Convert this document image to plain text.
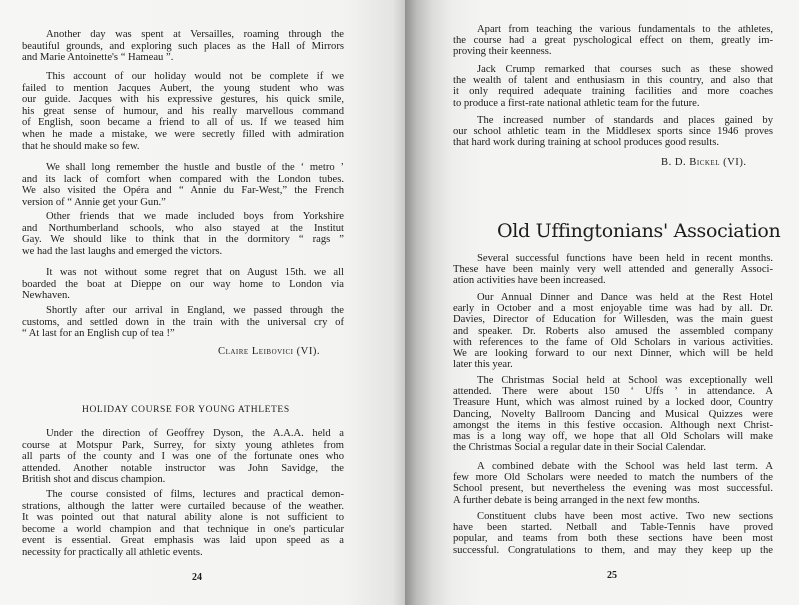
Another day was spent at Versailles, roaming through the
beautiful grounds, and exploring such places as the Hall of Mirrors
and Marie Antoinette's “ Hameau ”.
This account of our holiday would not be complete if we
failed to mention Jacques Aubert, the young student who was
our guide. Jacques with his expressive gestures, his quick smile,
his great sense of humour, and his really marvellous command
of English, soon became a friend to all of us. If we teased him
when he made a mistake, we were secretly filled with admiration
that he should make so few.
We shall long remember the hustle and bustle of the ‘ metro ’
and its lack of comfort when compared with the London tubes.
We also visited the Opéra and “ Annie du Far-West,” the French
version of “ Annie get your Gun.”
Other friends that we made included boys from Yorkshire
and Northumberland schools, who also stayed at the Institut
Gay. We should like to think that in the dormitory “ rags ”
we had the last laughs and emerged the victors.
It was not without some regret that on August 15th. we all
boarded the boat at Dieppe on our way home to London via
Newhaven.
Shortly after our arrival in England, we passed through the
customs, and settled down in the train with the universal cry of
“ At last for an English cup of tea !”
Claire Leibovici (VI).
HOLIDAY COURSE FOR YOUNG ATHLETES
Under the direction of Geoffrey Dyson, the A.A.A. held a
course at Motspur Park, Surrey, for sixty young athletes from
all parts of the county and I was one of the fortunate ones who
attended. Another notable instructor was John Savidge, the
British shot and discus champion.
The course consisted of films, lectures and practical demon-
strations, although the latter were curtailed because of the weather.
It was pointed out that natural ability alone is not sufficient to
become a world champion and that technique in one's particular
event is essential. Great emphasis was laid upon speed as a
necessity for practically all athletic events.
24
Apart from teaching the various fundamentals to the athletes,
the course had a great pyschological effect on them, greatly im-
proving their keenness.
Jack Crump remarked that courses such as these showed
the wealth of talent and enthusiasm in this country, and also that
it only required adequate training facilities and more coaches
to produce a first-rate national athletic team for the future.
The increased number of standards and places gained by
our school athletic team in the Middlesex sports since 1946 proves
that hard work during training at school produces good results.
B. D. Bickel (VI).
Old Uffingtonians' Association
Several successful functions have been held in recent months.
These have been mainly very well attended and generally Associ-
ation activities have been increased.
Our Annual Dinner and Dance was held at the Rest Hotel
early in October and a most enjoyable time was had by all. Dr.
Davies, Director of Education for Willesden, was the main guest
and speaker. Dr. Roberts also amused the assembled company
with references to the fame of Old Scholars in various activities.
We are looking forward to our next Dinner, which will be held
later this year.
The Christmas Social held at School was exceptionally well
attended. There were about 150 ‘ Uffs ’ in attendance. A
Treasure Hunt, which was almost ruined by a locked door, Country
Dancing, Novelty Ballroom Dancing and Musical Quizzes were
amongst the items in this festive occasion. Although next Christ-
mas is a long way off, we hope that all Old Scholars will make
the Christmas Social a regular date in their Social Calendar.
A combined debate with the School was held last term. A
few more Old Scholars were needed to match the numbers of the
School present, but nevertheless the evening was most successful.
A further debate is being arranged in the next few months.
Constituent clubs have been most active. Two new sections
have been started. Netball and Table-Tennis have proved
popular, and teams from both these sections have been most
successful. Congratulations to them, and may they keep up the
25
